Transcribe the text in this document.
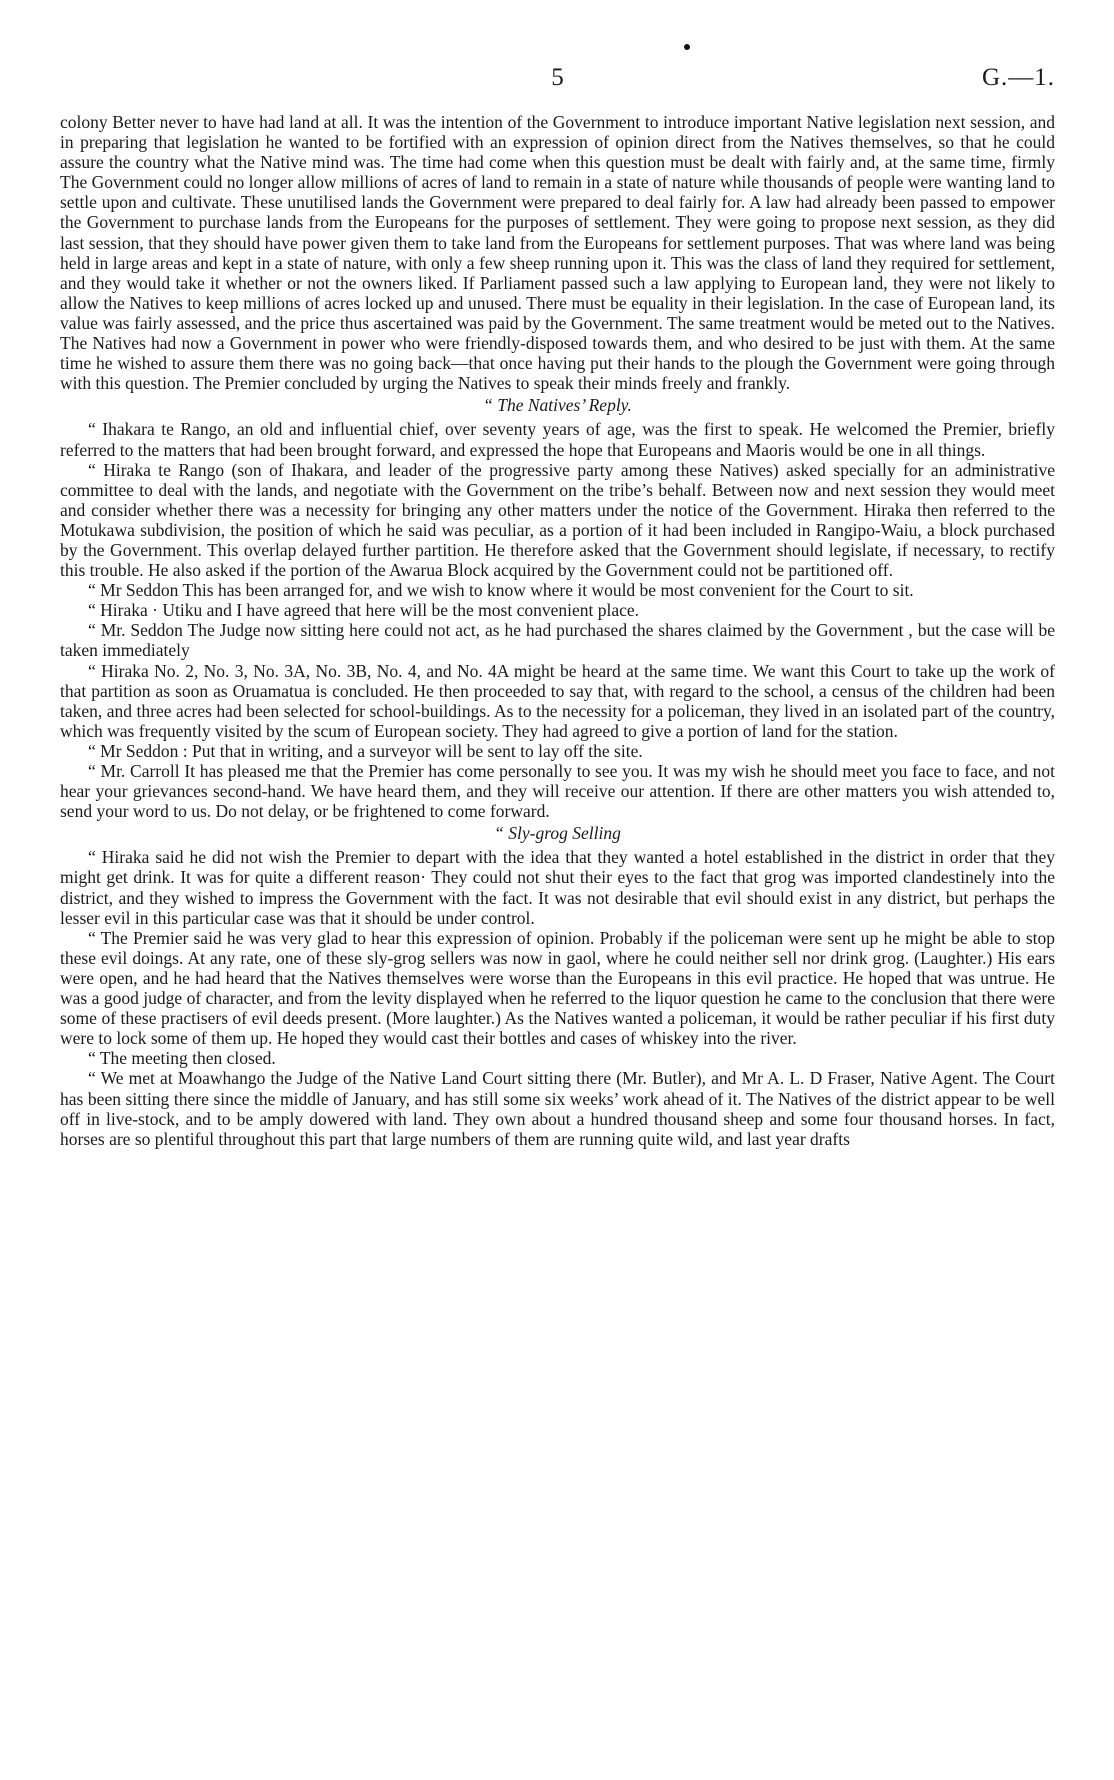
5	G.—1.

colony Better never to have had land at all. It was the intention of the Government to introduce important Native legislation next session, and in preparing that legislation he wanted to be fortified with an expression of opinion direct from the Natives themselves, so that he could assure the country what the Native mind was. The time had come when this question must be dealt with fairly and, at the same time, firmly The Government could no longer allow millions of acres of land to remain in a state of nature while thousands of people were wanting land to settle upon and cultivate. These unutilised lands the Government were prepared to deal fairly for. A law had already been passed to empower the Government to purchase lands from the Europeans for the purposes of settlement. They were going to propose next session, as they did last session, that they should have power given them to take land from the Europeans for settlement purposes. That was where land was being held in large areas and kept in a state of nature, with only a few sheep running upon it. This was the class of land they required for settlement, and they would take it whether or not the owners liked. If Parliament passed such a law applying to European land, they were not likely to allow the Natives to keep millions of acres locked up and unused. There must be equality in their legislation. In the case of European land, its value was fairly assessed, and the price thus ascertained was paid by the Government. The same treatment would be meted out to the Natives. The Natives had now a Government in power who were friendly-disposed towards them, and who desired to be just with them. At the same time he wished to assure them there was no going back—that once having put their hands to the plough the Government were going through with this question. The Premier concluded by urging the Natives to speak their minds freely and frankly.

“ The Natives’ Reply.

“ Ihakara te Rango, an old and influential chief, over seventy years of age, was the first to speak. He welcomed the Premier, briefly referred to the matters that had been brought forward, and expressed the hope that Europeans and Maoris would be one in all things.

“ Hiraka te Rango (son of Ihakara, and leader of the progressive party among these Natives) asked specially for an administrative committee to deal with the lands, and negotiate with the Government on the tribe’s behalf. Between now and next session they would meet and consider whether there was a necessity for bringing any other matters under the notice of the Government. Hiraka then referred to the Motukawa subdivision, the position of which he said was peculiar, as a portion of it had been included in Rangipo-Waiu, a block purchased by the Government. This overlap delayed further partition. He therefore asked that the Government should legislate, if necessary, to rectify this trouble. He also asked if the portion of the Awarua Block acquired by the Government could not be partitioned off.

“ Mr Seddon This has been arranged for, and we wish to know where it would be most convenient for the Court to sit.

“ Hiraka · Utiku and I have agreed that here will be the most convenient place.

“ Mr. Seddon The Judge now sitting here could not act, as he had purchased the shares claimed by the Government , but the case will be taken immediately

“ Hiraka No. 2, No. 3, No. 3A, No. 3B, No. 4, and No. 4A might be heard at the same time. We want this Court to take up the work of that partition as soon as Oruamatua is concluded. He then proceeded to say that, with regard to the school, a census of the children had been taken, and three acres had been selected for school-buildings. As to the necessity for a policeman, they lived in an isolated part of the country, which was frequently visited by the scum of European society. They had agreed to give a portion of land for the station.

“ Mr Seddon : Put that in writing, and a surveyor will be sent to lay off the site.

“ Mr. Carroll It has pleased me that the Premier has come personally to see you. It was my wish he should meet you face to face, and not hear your grievances second-hand. We have heard them, and they will receive our attention. If there are other matters you wish attended to, send your word to us. Do not delay, or be frightened to come forward.

“ Sly-grog Selling

“ Hiraka said he did not wish the Premier to depart with the idea that they wanted a hotel established in the district in order that they might get drink. It was for quite a different reason· They could not shut their eyes to the fact that grog was imported clandestinely into the district, and they wished to impress the Government with the fact. It was not desirable that evil should exist in any district, but perhaps the lesser evil in this particular case was that it should be under control.

“ The Premier said he was very glad to hear this expression of opinion. Probably if the policeman were sent up he might be able to stop these evil doings. At any rate, one of these sly-grog sellers was now in gaol, where he could neither sell nor drink grog. (Laughter.) His ears were open, and he had heard that the Natives themselves were worse than the Europeans in this evil practice. He hoped that was untrue. He was a good judge of character, and from the levity displayed when he referred to the liquor question he came to the conclusion that there were some of these practisers of evil deeds present. (More laughter.) As the Natives wanted a policeman, it would be rather peculiar if his first duty were to lock some of them up. He hoped they would cast their bottles and cases of whiskey into the river.

“ The meeting then closed.

“ We met at Moawhango the Judge of the Native Land Court sitting there (Mr. Butler), and Mr A. L. D Fraser, Native Agent. The Court has been sitting there since the middle of January, and has still some six weeks’ work ahead of it. The Natives of the district appear to be well off in live-stock, and to be amply dowered with land. They own about a hundred thousand sheep and some four thousand horses. In fact, horses are so plentiful throughout this part that large numbers of them are running quite wild, and last year drafts
